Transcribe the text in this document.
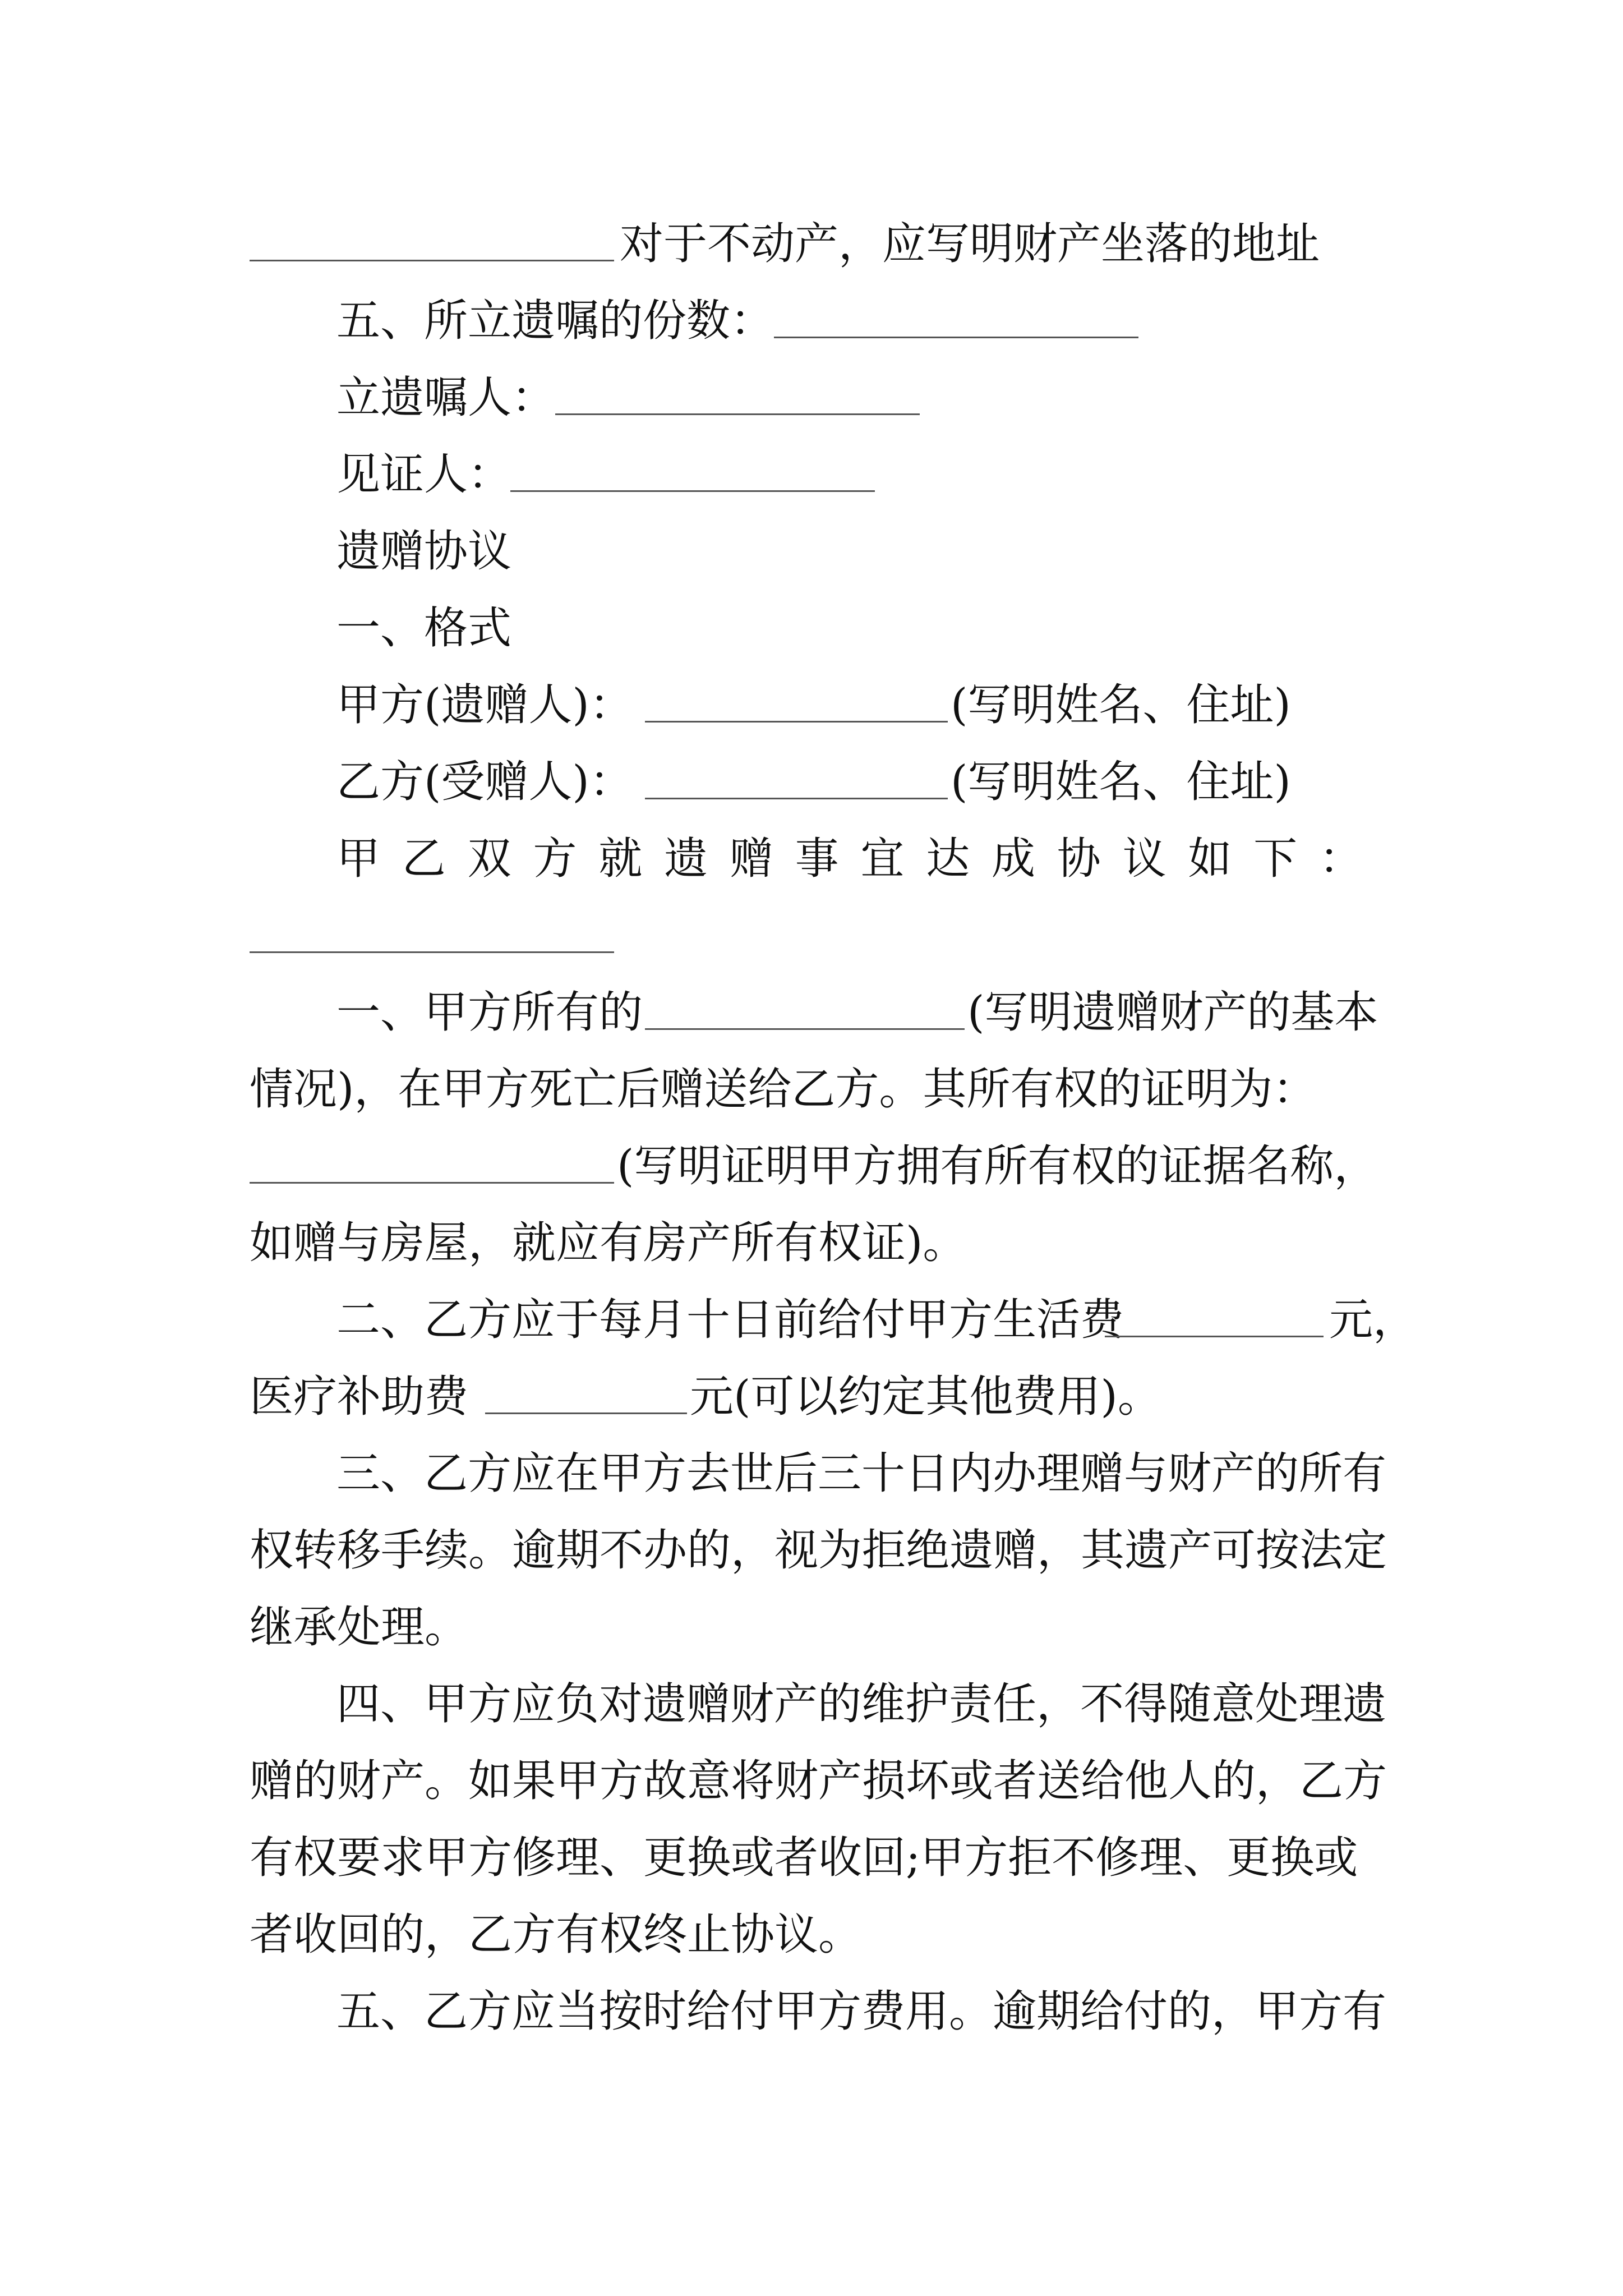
对于不动产，应写明财产坐落的地址
五、所立遗嘱的份数：
立遗嘱人：
见证人：
遗赠协议
一、格式
甲方(遗赠人)：	(写明姓名、住址)
乙方(受赠人)：	(写明姓名、住址)
甲 乙 双 方 就 遗 赠 事 宜 达 成 协 议 如 下 ：
一、甲方所有的	(写明遗赠财产的基本
情况)，在甲方死亡后赠送给乙方。其所有权的证明为：
(写明证明甲方拥有所有权的证据名称，
如赠与房屋，就应有房产所有权证)。
二、乙方应于每月十日前给付甲方生活费	元，
医疗补助费	元(可以约定其他费用)。
三、乙方应在甲方去世后三十日内办理赠与财产的所有
权转移手续。逾期不办的，视为拒绝遗赠，其遗产可按法定
继承处理。
四、甲方应负对遗赠财产的维护责任，不得随意处理遗
赠的财产。如果甲方故意将财产损坏或者送给他人的，乙方
有权要求甲方修理、更换或者收回;甲方拒不修理、更换或
者收回的，乙方有权终止协议。
五、乙方应当按时给付甲方费用。逾期给付的，甲方有
